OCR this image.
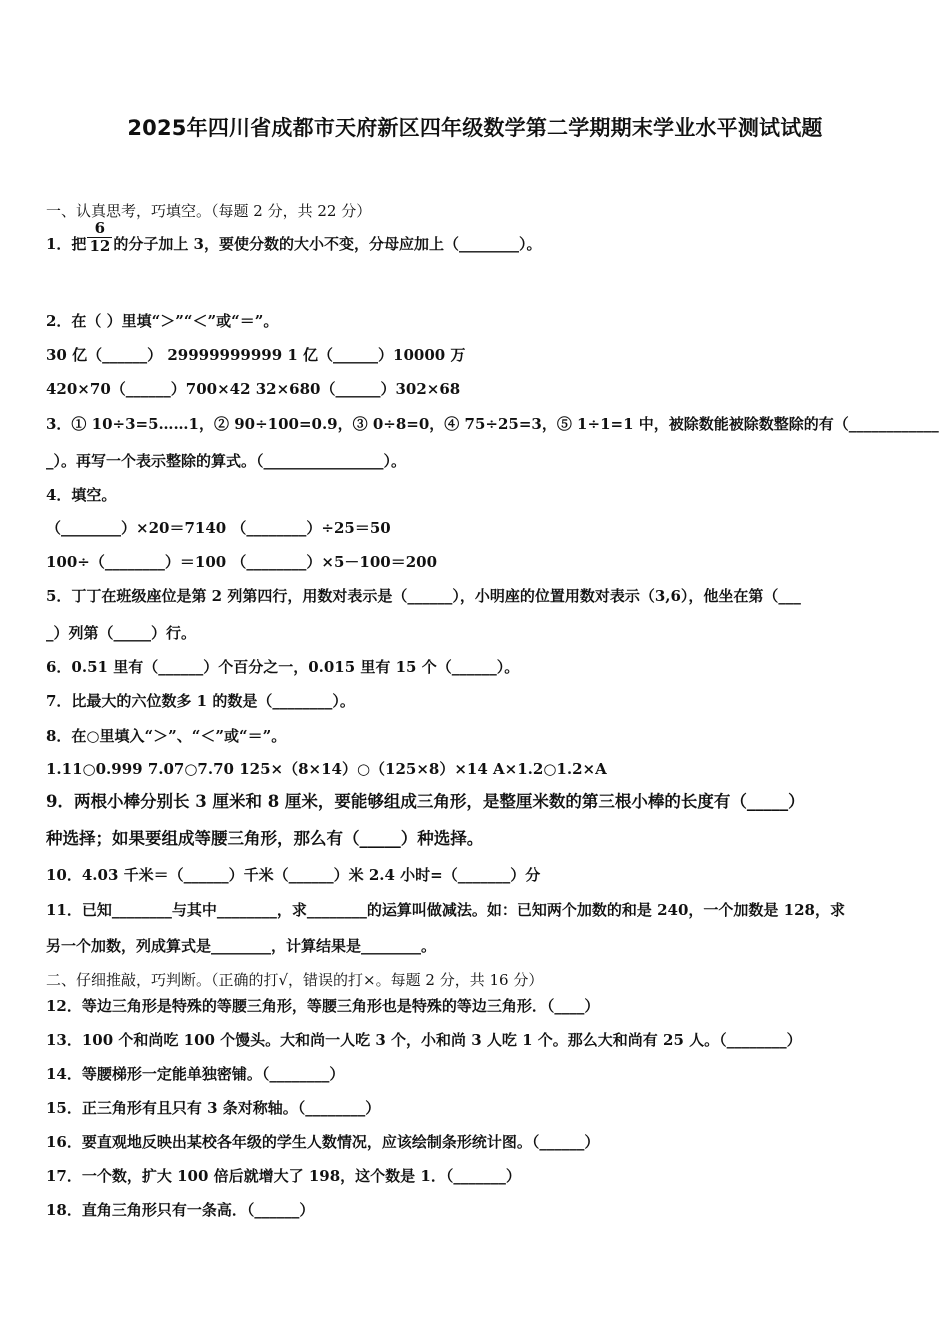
2025年四川省成都市天府新区四年级数学第二学期期末学业水平测试试题
一、认真思考，巧填空。（每题 2 分，共 22 分）
1．把 $\frac{6}{12}$ 的分子加上 3，要使分数的大小不变，分母应加上（________）。
2．在（ ）里填“＞”“＜”或“＝”。
30 亿（______） 29999999999 1 亿（______）10000 万
420×70（______）700×42 32×680（______）302×68
3．① 10÷3=5……1，② 90÷100=0.9，③ 0÷8=0，④ 75÷25=3，⑤ 1÷1=1 中，被除数能被除数整除的有（____________
_）。再写一个表示整除的算式。（________________）。
4．填空。
（________）×20＝7140 （________）÷25＝50
100÷（________）＝100 （________）×5－100＝200
5．丁丁在班级座位是第 2 列第四行，用数对表示是（______），小明座的位置用数对表示（3,6），他坐在第（___
_）列第（_____）行。
6．0.51 里有（______）个百分之一，0.015 里有 15 个（______）。
7．比最大的六位数多 1 的数是（________）。
8．在○里填入“＞”、“＜”或“＝”。
1.11○0.999 7.07○7.70 125×（8×14）○（125×8）×14 A×1.2○1.2×A
9．两根小棒分别长 3 厘米和 8 厘米，要能够组成三角形，是整厘米数的第三根小棒的长度有（_____）
种选择；如果要组成等腰三角形，那么有（_____）种选择。
10．4.03 千米＝（______）千米（______）米 2.4 小时=（_______）分
11．已知________与其中________，求________的运算叫做减法。如：已知两个加数的和是 240，一个加数是 128，求
另一个加数，列成算式是________，计算结果是________。
二、仔细推敲，巧判断。（正确的打√，错误的打×。每题 2 分，共 16 分）
12．等边三角形是特殊的等腰三角形，等腰三角形也是特殊的等边三角形．（____）
13．100 个和尚吃 100 个馒头。大和尚一人吃 3 个，小和尚 3 人吃 1 个。那么大和尚有 25 人。（________）
14．等腰梯形一定能单独密铺。（________）
15．正三角形有且只有 3 条对称轴。（________）
16．要直观地反映出某校各年级的学生人数情况，应该绘制条形统计图。（______）
17．一个数，扩大 100 倍后就增大了 198，这个数是 1．（_______）
18．直角三角形只有一条高．（______）
